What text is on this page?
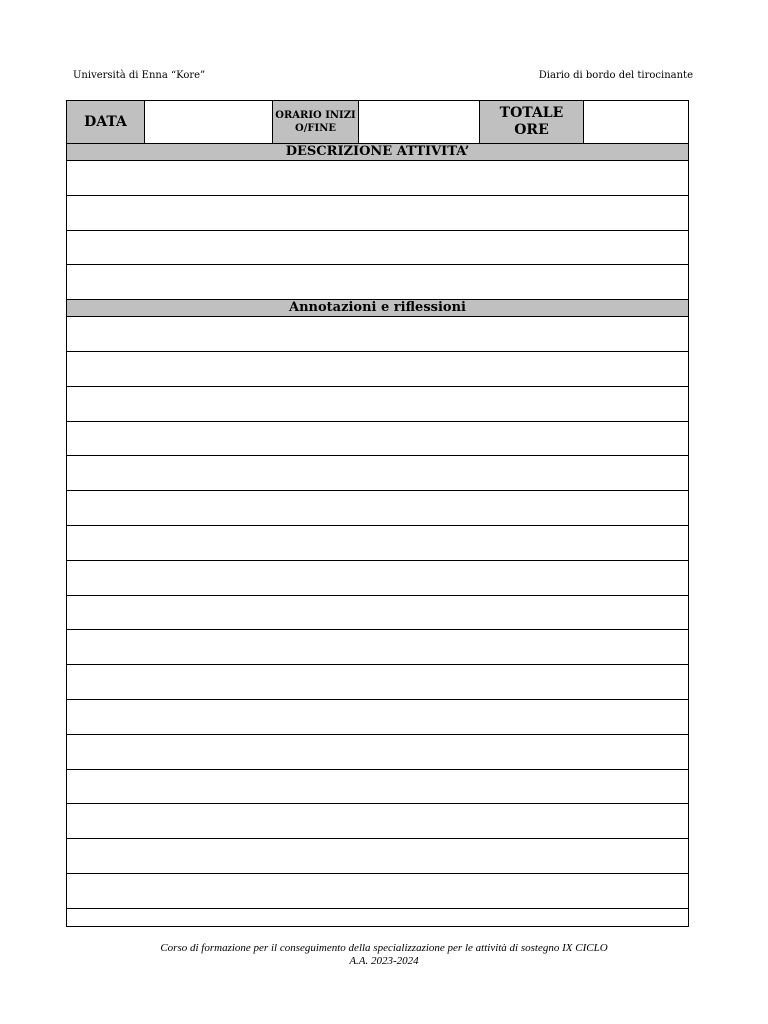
Università di Enna “Kore”	Diario di bordo del tirocinante
DATA		ORARIO INIZIO/FINE		TOTALE ORE	
DESCRIZIONE ATTIVITA’

Annotazioni e riflessioni

Corso di formazione per il conseguimento della specializzazione per le attività di sostegno IX CICLO
A.A. 2023-2024
